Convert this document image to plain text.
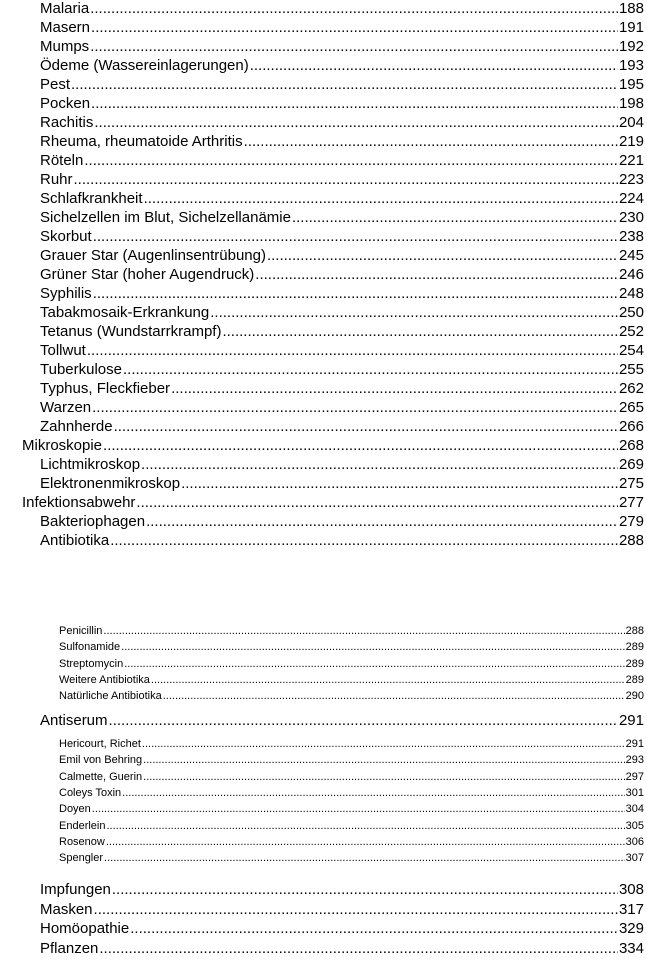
Malaria .....	188
Masern .....	191
Mumps .....	192
Ödeme (Wassereinlagerungen) .....	193
Pest .....	195
Pocken .....	198
Rachitis .....	204
Rheuma, rheumatoide Arthritis .....	219
Röteln .....	221
Ruhr .....	223
Schlafkrankheit .....	224
Sichelzellen im Blut, Sichelzellanämie .....	230
Skorbut .....	238
Grauer Star (Augenlinsentrübung) .....	245
Grüner Star (hoher Augendruck) .....	246
Syphilis .....	248
Tabakmosaik-Erkrankung .....	250
Tetanus (Wundstarrkrampf) .....	252
Tollwut .....	254
Tuberkulose .....	255
Typhus, Fleckfieber .....	262
Warzen .....	265
Zahnherde .....	266
Mikroskopie .....	268
Lichtmikroskop .....	269
Elektronenmikroskop .....	275
Infektionsabwehr .....	277
Bakteriophagen .....	279
Antibiotika .....	288
Penicillin .....	288
Sulfonamide .....	289
Streptomycin .....	289
Weitere Antibiotika .....	289
Natürliche Antibiotika .....	290
Antiserum .....	291
Hericourt, Richet .....	291
Emil von Behring .....	293
Calmette, Guerin .....	297
Coleys Toxin .....	301
Doyen .....	304
Enderlein .....	305
Rosenow .....	306
Spengler .....	307
Impfungen .....	308
Masken .....	317
Homöopathie .....	329
Pflanzen .....	334
